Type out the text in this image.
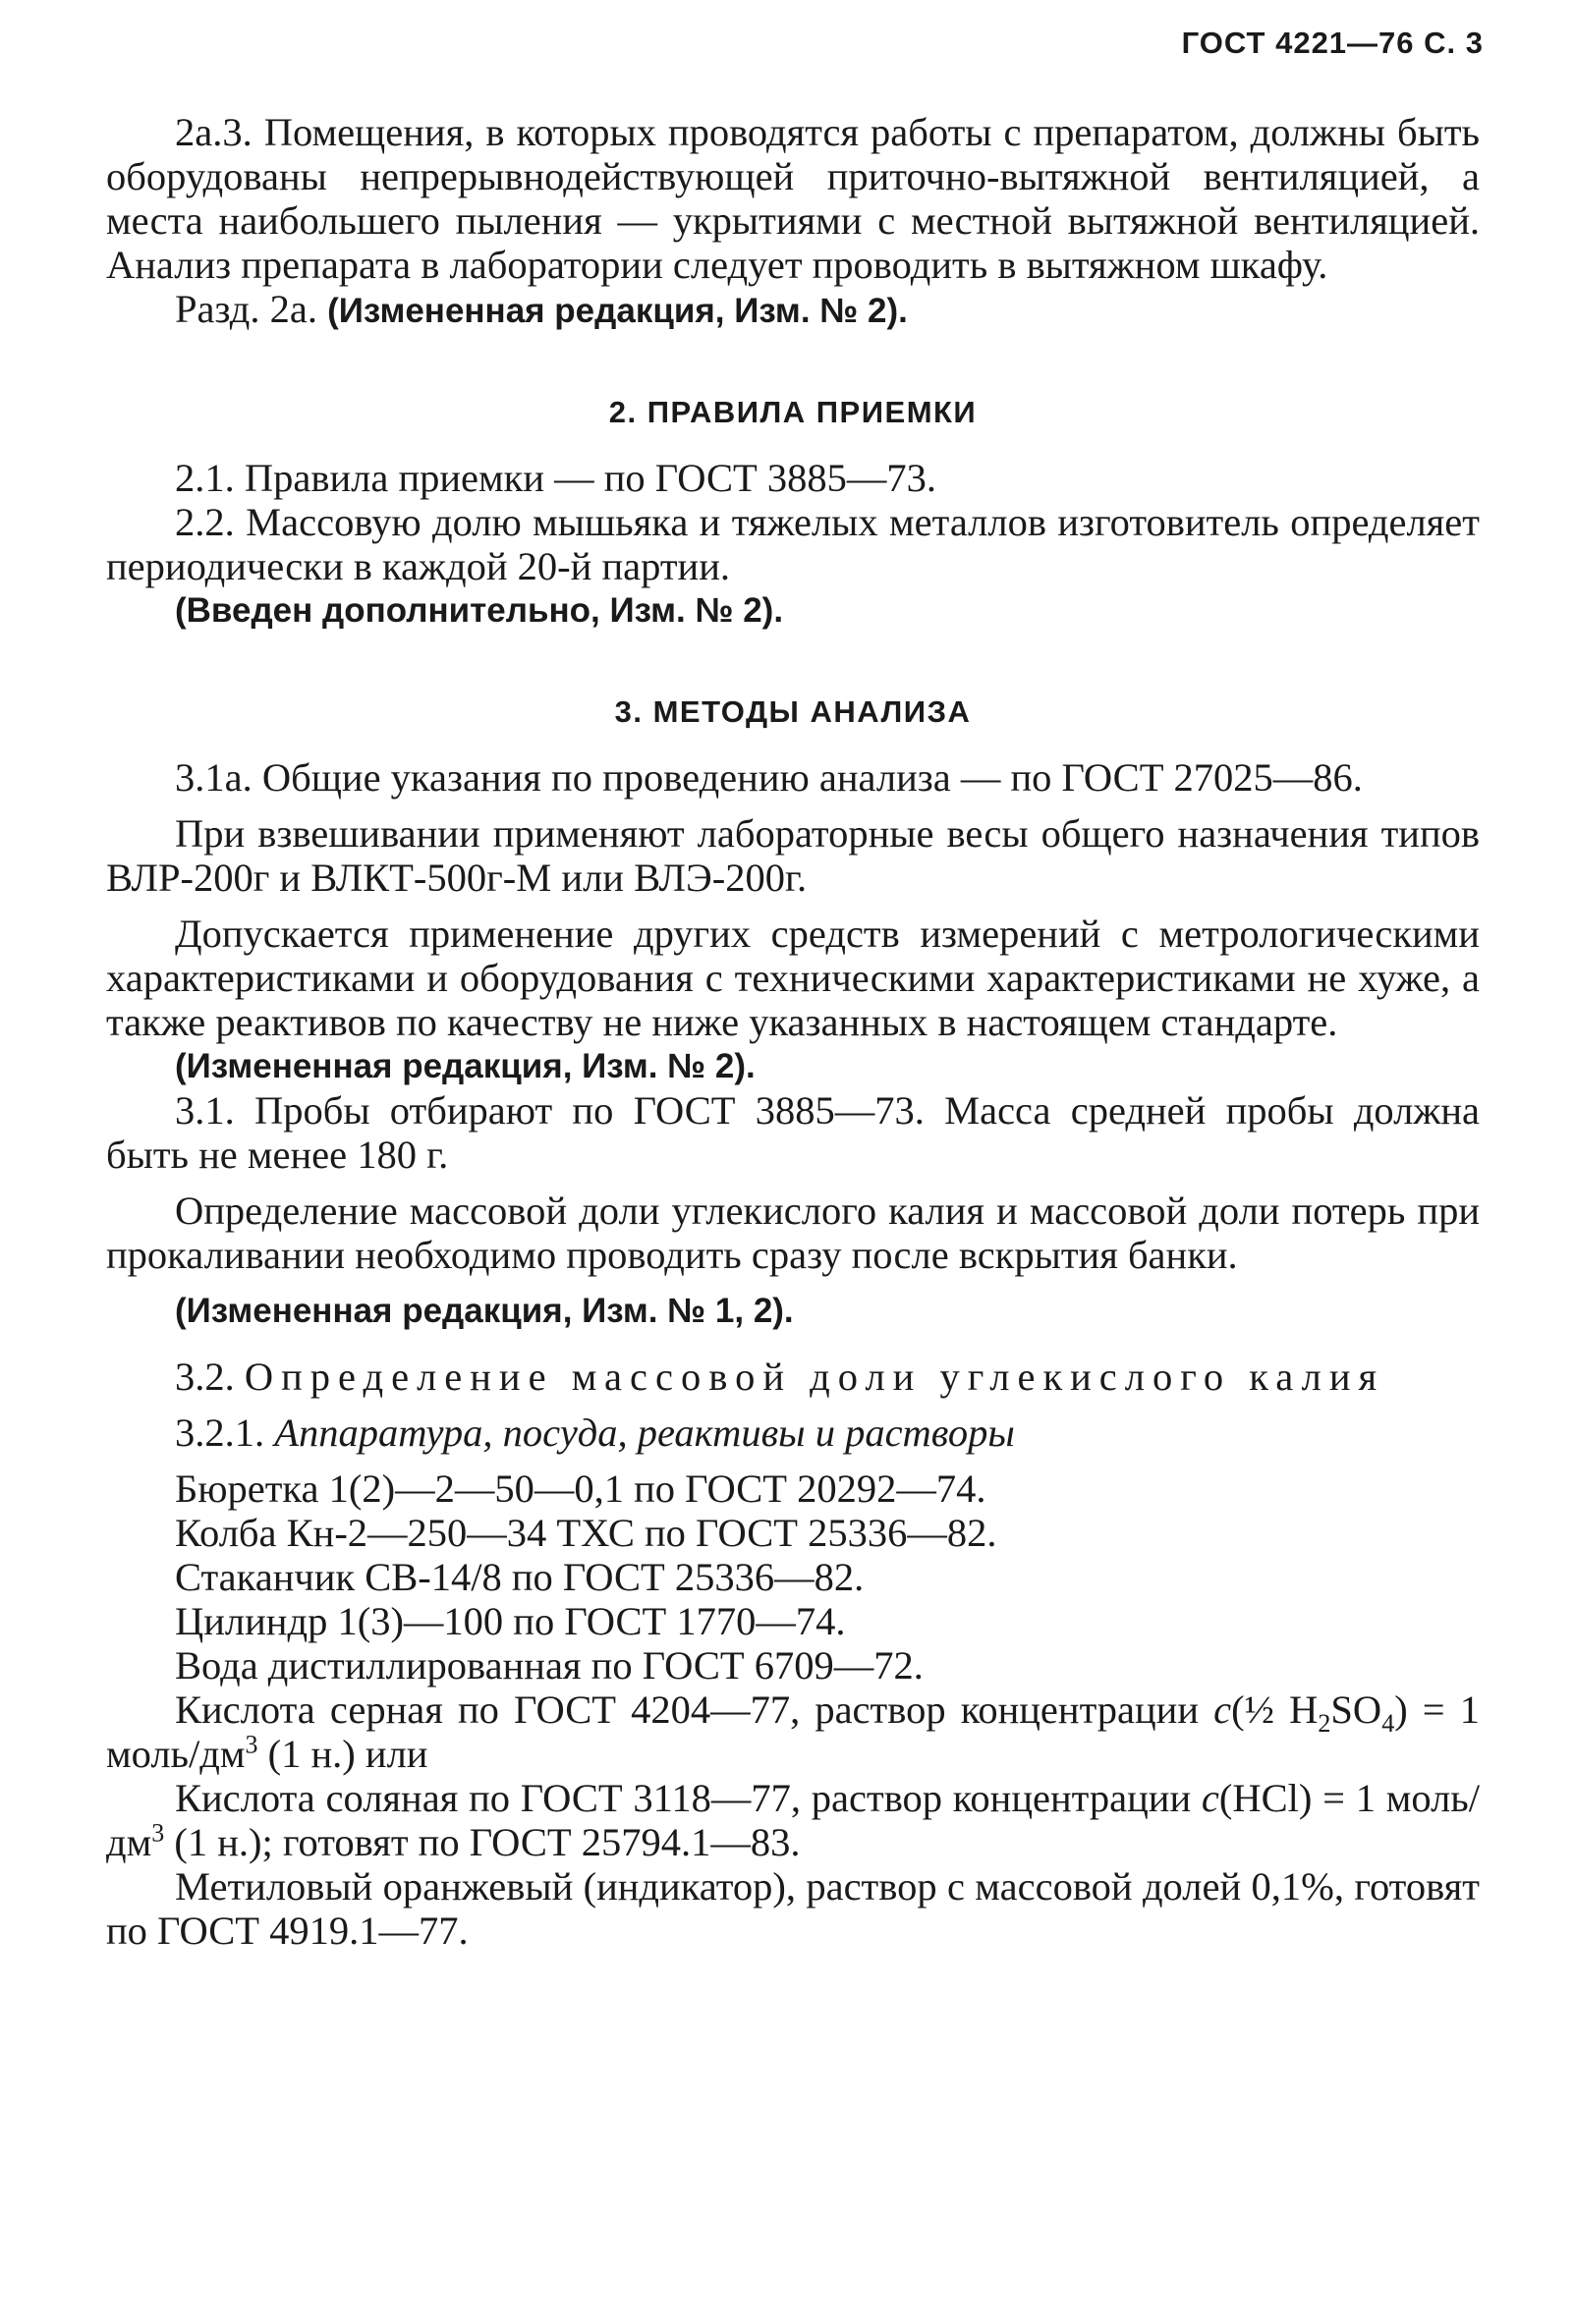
ГОСТ 4221—76 С. 3

2а.3. Помещения, в которых проводятся работы с препаратом, должны быть оборудованы непрерывнодействующей приточно-вытяжной вентиляцией, а места наибольшего пыления — укрытиями с местной вытяжной вентиляцией. Анализ препарата в лаборатории следует проводить в вытяжном шкафу.

Разд. 2а. (Измененная редакция, Изм. № 2).

2. ПРАВИЛА ПРИЕМКИ

2.1. Правила приемки — по ГОСТ 3885—73.

2.2. Массовую долю мышьяка и тяжелых металлов изготовитель определяет периодически в каждой 20-й партии.

(Введен дополнительно, Изм. № 2).

3. МЕТОДЫ АНАЛИЗА

3.1а. Общие указания по проведению анализа — по ГОСТ 27025—86.

При взвешивании применяют лабораторные весы общего назначения типов ВЛР-200г и ВЛКТ-500г-М или ВЛЭ-200г.

Допускается применение других средств измерений с метрологическими характеристиками и оборудования с техническими характеристиками не хуже, а также реактивов по качеству не ниже указанных в настоящем стандарте.

(Измененная редакция, Изм. № 2).

3.1. Пробы отбирают по ГОСТ 3885—73. Масса средней пробы должна быть не менее 180 г.

Определение массовой доли углекислого калия и массовой доли потерь при прокаливании необходимо проводить сразу после вскрытия банки.

(Измененная редакция, Изм. № 1, 2).

3.2. Определение массовой доли углекислого калия

3.2.1. Аппаратура, посуда, реактивы и растворы

Бюретка 1(2)—2—50—0,1 по ГОСТ 20292—74.

Колба Кн-2—250—34 ТХС по ГОСТ 25336—82.

Стаканчик СВ-14/8 по ГОСТ 25336—82.

Цилиндр 1(3)—100 по ГОСТ 1770—74.

Вода дистиллированная по ГОСТ 6709—72.

Кислота серная по ГОСТ 4204—77, раствор концентрации c(½ $H_2SO_4) = 1$ моль/$дм^3$ (1 н.) или

Кислота соляная по ГОСТ 3118—77, раствор концентрации c(HCl) = 1 моль/$дм^3$ (1 н.); готовят по ГОСТ 25794.1—83.

Метиловый оранжевый (индикатор), раствор с массовой долей 0,1%, готовят по ГОСТ 4919.1—77.
